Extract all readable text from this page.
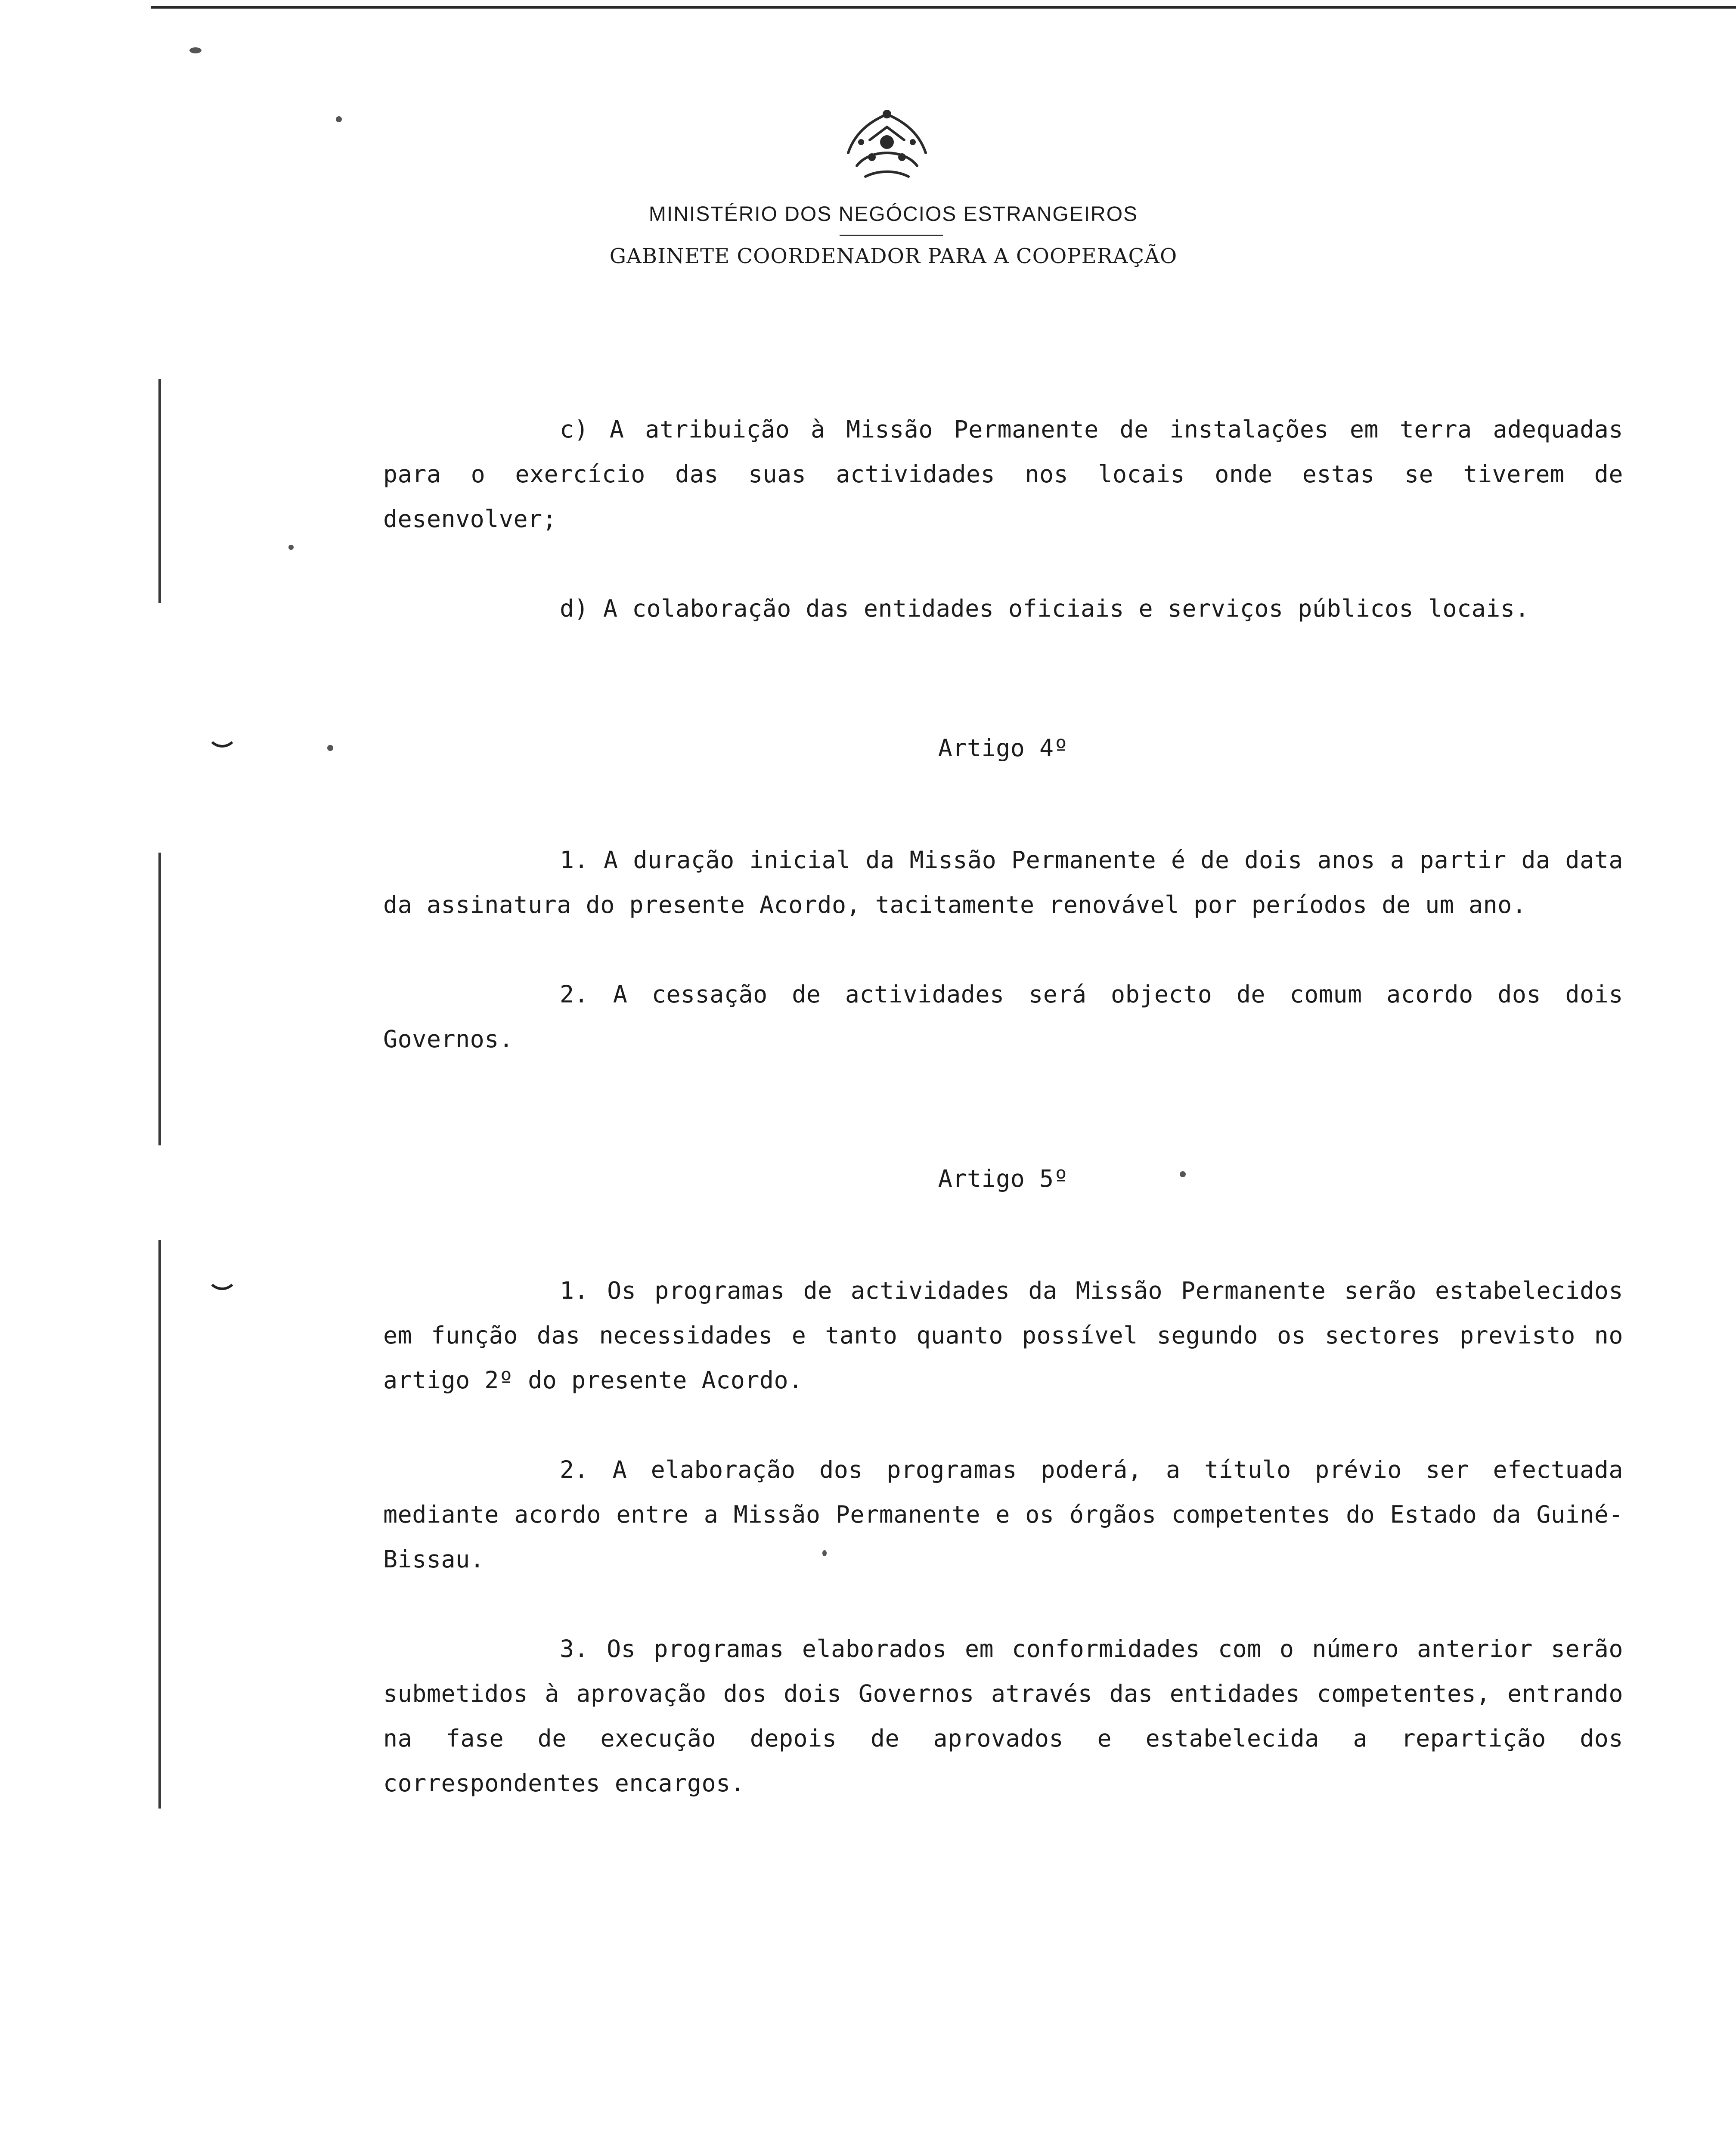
MINISTÉRIO DOS NEGÓCIOS ESTRANGEIROS
GABINETE COORDENADOR PARA A COOPERAÇÃO

c) A atribuição à Missão Permanente de instalações em terra adequadas para o exercício das suas actividades nos locais onde estas se tiverem de desenvolver;

d) A colaboração das entidades oficiais e serviços públicos locais.

Artigo 4º

1. A duração inicial da Missão Permanente é de dois anos a partir da data da assinatura do presente Acordo, tacitamente renovável por períodos de um ano.

2. A cessação de actividades será objecto de comum acordo dos dois Governos.

Artigo 5º

1. Os programas de actividades da Missão Permanente serão estabelecidos em função das necessidades e tanto quanto possível segundo os sectores previsto no artigo 2º do presente Acordo.

2. A elaboração dos programas poderá, a título prévio ser efectuada mediante acordo entre a Missão Permanente e os órgãos competentes do Estado da Guiné-Bissau.

3. Os programas elaborados em conformidades com o número anterior serão submetidos à aprovação dos dois Governos através das entidades competentes, entrando na fase de execução depois de aprovados e estabelecida a repartição dos correspondentes encargos.
